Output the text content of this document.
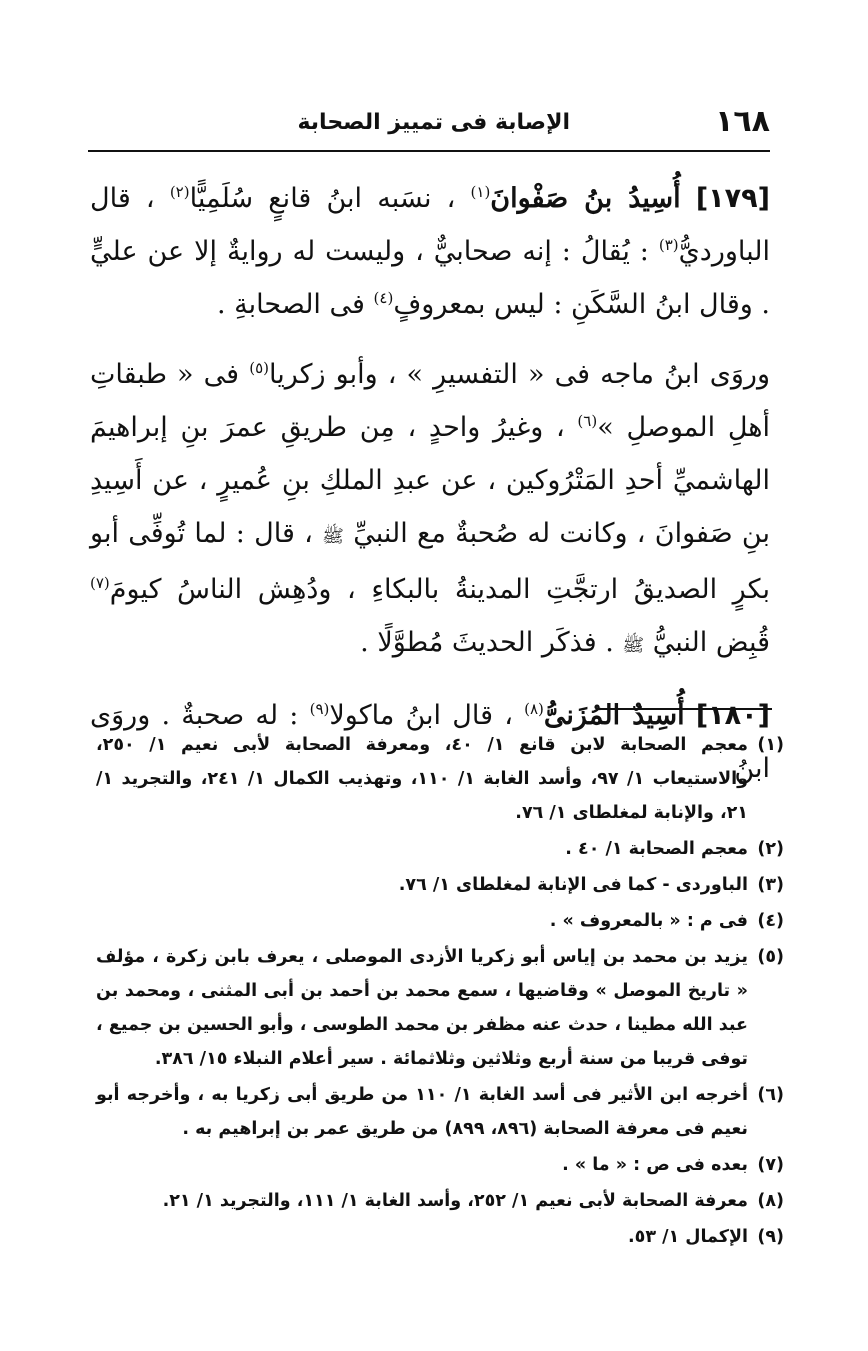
الإصابة فى تمييز الصحابة	١٦٨

[١٧٩] أُسِيدُ بنُ صَفْوانَ$^{(١)}$ ، نسَبه ابنُ قانعٍ سُلَمِيًّا$^{(٢)}$ ، قال الباورديُّ$^{(٣)}$ : يُقالُ : إنه صحابيٌّ ، وليست له روايةٌ إلا عن عليٍّ . وقال ابنُ السَّكَنِ : ليس بمعروفٍ$^{(٤)}$ فى الصحابةِ .

وروَى ابنُ ماجه فى « التفسيرِ » ، وأبو زكريا$^{(٥)}$ فى « طبقاتِ أهلِ الموصلِ »$^{(٦)}$ ، وغيرُ واحدٍ ، مِن طريقِ عمرَ بنِ إبراهيمَ الهاشميِّ أحدِ المَتْرُوكين ، عن عبدِ الملكِ بنِ عُميرٍ ، عن أَسِيدِ بنِ صَفوانَ ، وكانت له صُحبةٌ مع النبيِّ ﷺ ، قال : لما تُوفِّى أبو بكرٍ الصديقُ ارتجَّتِ المدينةُ بالبكاءِ ، ودُهِش الناسُ كيومَ$^{(٧)}$ قُبِض النبيُّ ﷺ . فذكَر الحديثَ مُطوَّلًا .

[١٨٠] أُسِيدٌ المُزَنىُّ$^{(٨)}$ ، قال ابنُ ماكولا$^{(٩)}$ : له صحبةٌ . وروَى ابنُ

(١)
معجم الصحابة لابن قانع ١/ ٤٠، ومعرفة الصحابة لأبى نعيم ١/ ٢٥٠، والاستيعاب ١/ ٩٧، وأسد الغابة ١/ ١١٠، وتهذيب الكمال ١/ ٢٤١، والتجريد ١/ ٢١، والإنابة لمغلطاى ١/ ٧٦.
(٢)
معجم الصحابة ١/ ٤٠ .
(٣)
الباوردى - كما فى الإنابة لمغلطاى ١/ ٧٦.
(٤)
فى م : « بالمعروف » .
(٥)
يزيد بن محمد بن إياس أبو زكريا الأزدى الموصلى ، يعرف بابن زكرة ، مؤلف « تاريخ الموصل » وقاضيها ، سمع محمد بن أحمد بن أبى المثنى ، ومحمد بن عبد الله مطينا ، حدث عنه مظفر بن محمد الطوسى ، وأبو الحسين بن جميع ، توفى قريبا من سنة أربع وثلاثين وثلاثمائة . سير أعلام النبلاء ١٥/ ٣٨٦.
(٦)
أخرجه ابن الأثير فى أسد الغابة ١/ ١١٠ من طريق أبى زكريا به ، وأخرجه أبو نعيم فى معرفة الصحابة (٨٩٦، ٨٩٩) من طريق عمر بن إبراهيم به .
(٧)
بعده فى ص : « ما » .
(٨)
معرفة الصحابة لأبى نعيم ١/ ٢٥٢، وأسد الغابة ١/ ١١١، والتجريد ١/ ٢١.
(٩)
الإكمال ١/ ٥٣.
